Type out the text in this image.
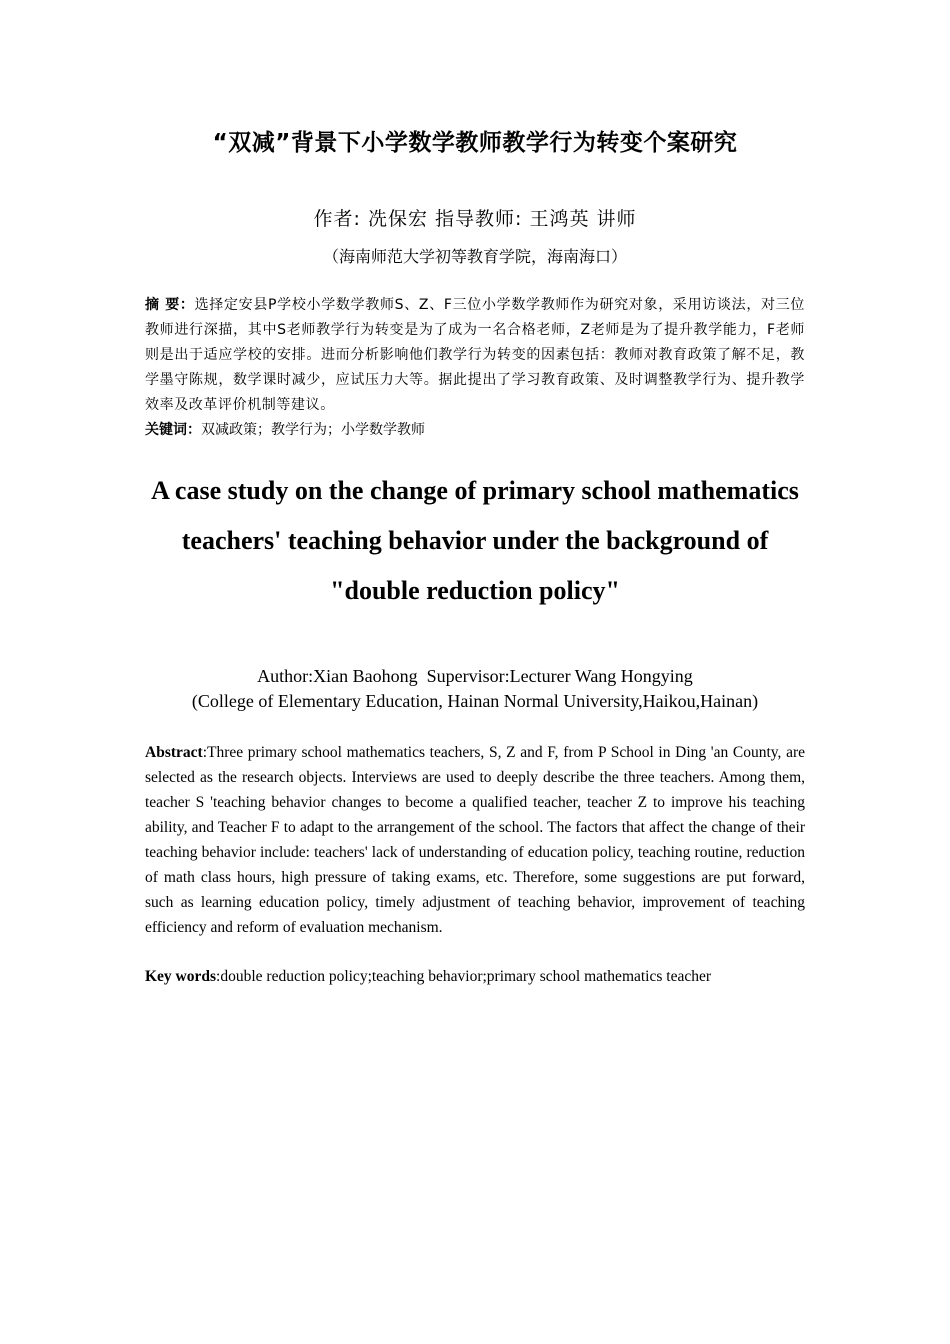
“双减”背景下小学数学教师教学行为转变个案研究
作者: 冼保宏 指导教师: 王鸿英 讲师
（海南师范大学初等教育学院，海南海口）
摘 要：选择定安县P学校小学数学教师S、Z、F三位小学数学教师作为研究对象，采用访谈法，对三位教师进行深描，其中S老师教学行为转变是为了成为一名合格老师，Z老师是为了提升教学能力，F老师则是出于适应学校的安排。进而分析影响他们教学行为转变的因素包括：教师对教育政策了解不足，教学墨守陈规，数学课时减少，应试压力大等。据此提出了学习教育政策、及时调整教学行为、提升教学效率及改革评价机制等建议。
关键词：双减政策；教学行为；小学数学教师
A case study on the change of primary school mathematics
teachers' teaching behavior under the background of
"double reduction policy"
Author:Xian Baohong  Supervisor:Lecturer Wang Hongying
(College of Elementary Education, Hainan Normal University,Haikou,Hainan)
Abstract:Three primary school mathematics teachers, S, Z and F, from P School in Ding 'an County, are selected as the research objects. Interviews are used to deeply describe the three teachers. Among them, teacher S 'teaching behavior changes to become a qualified teacher, teacher Z to improve his teaching ability, and Teacher F to adapt to the arrangement of the school. The factors that affect the change of their teaching behavior include: teachers' lack of understanding of education policy, teaching routine, reduction of math class hours, high pressure of taking exams, etc. Therefore, some suggestions are put forward, such as learning education policy, timely adjustment of teaching behavior, improvement of teaching efficiency and reform of evaluation mechanism.
Key words:double reduction policy;teaching behavior;primary school mathematics teacher
